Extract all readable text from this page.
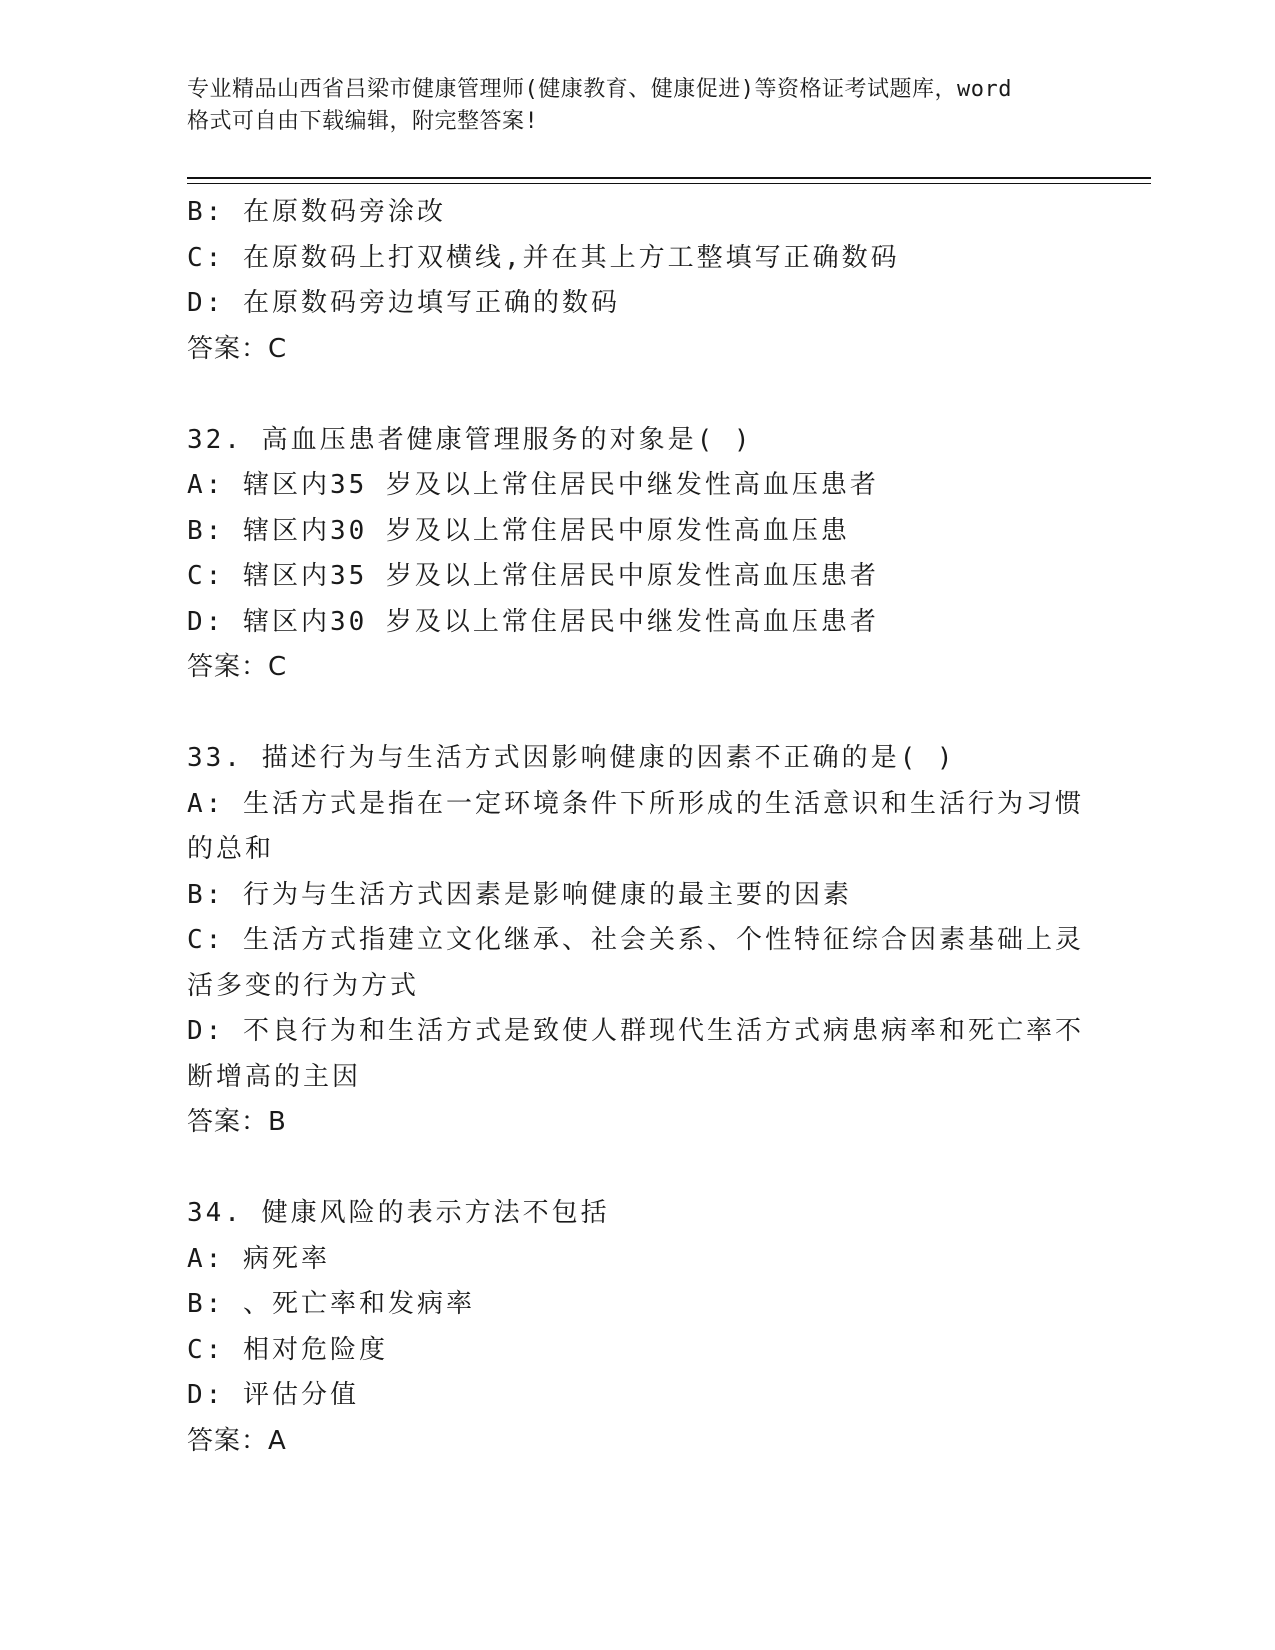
专业精品山西省吕梁市健康管理师(健康教育、健康促进)等资格证考试题库，word
格式可自由下载编辑，附完整答案!
B: 在原数码旁涂改
C: 在原数码上打双横线,并在其上方工整填写正确数码
D: 在原数码旁边填写正确的数码
答案：C
32. 高血压患者健康管理服务的对象是( )
A: 辖区内35 岁及以上常住居民中继发性高血压患者
B: 辖区内30 岁及以上常住居民中原发性高血压患
C: 辖区内35 岁及以上常住居民中原发性高血压患者
D: 辖区内30 岁及以上常住居民中继发性高血压患者
答案：C
33. 描述行为与生活方式因影响健康的因素不正确的是( )
A: 生活方式是指在一定环境条件下所形成的生活意识和生活行为习惯
的总和
B: 行为与生活方式因素是影响健康的最主要的因素
C: 生活方式指建立文化继承、社会关系、个性特征综合因素基础上灵
活多变的行为方式
D: 不良行为和生活方式是致使人群现代生活方式病患病率和死亡率不
断增高的主因
答案：B
34. 健康风险的表示方法不包括
A: 病死率
B: 、死亡率和发病率
C: 相对危险度
D: 评估分值
答案：A
